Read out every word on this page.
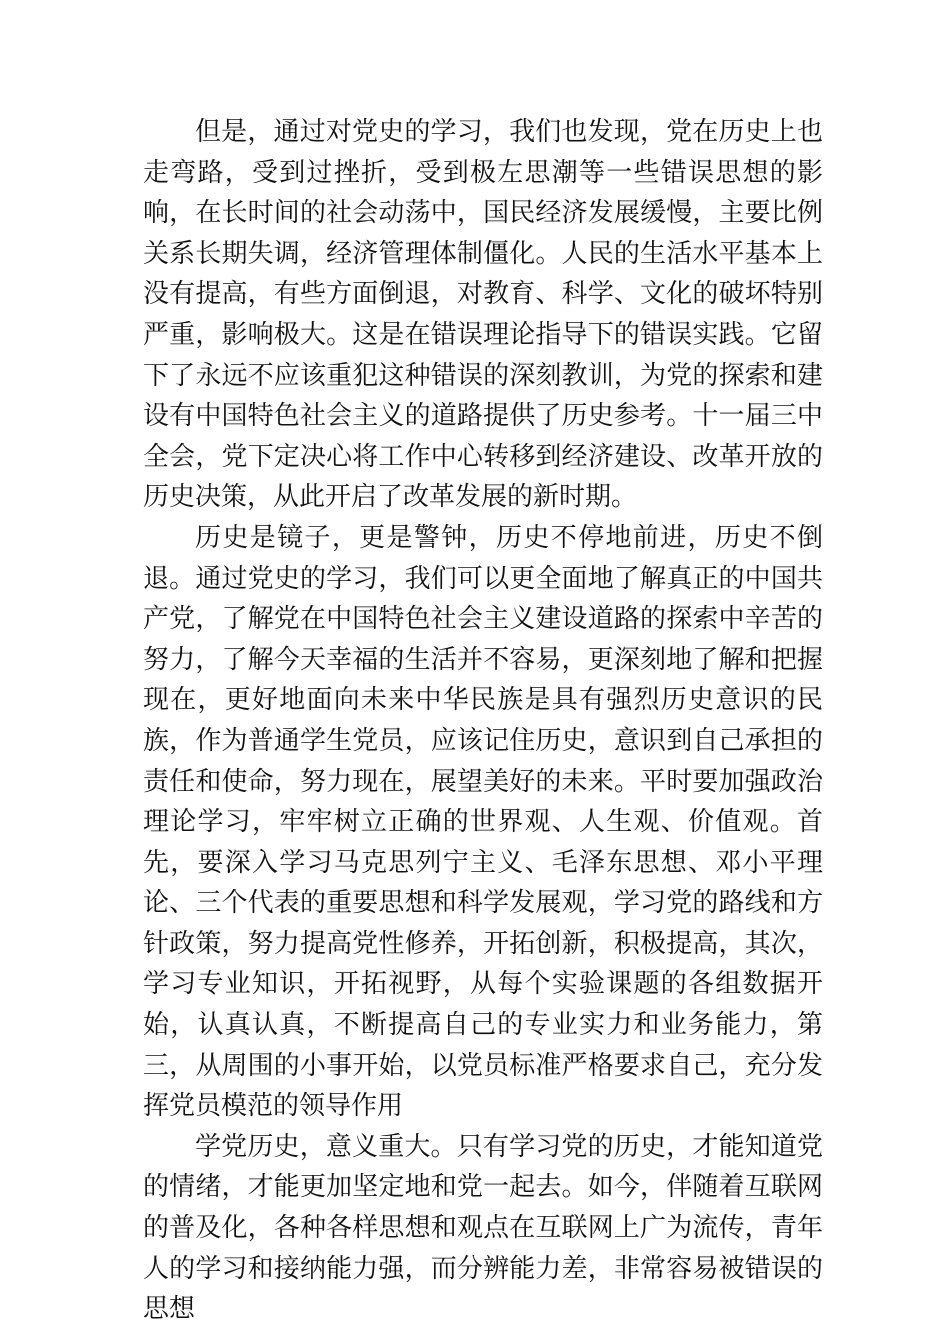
但是，通过对党史的学习，我们也发现，党在历史上也走弯路，受到过挫折，受到极左思潮等一些错误思想的影响，在长时间的社会动荡中，国民经济发展缓慢，主要比例关系长期失调，经济管理体制僵化。人民的生活水平基本上没有提高，有些方面倒退，对教育、科学、文化的破坏特别严重，影响极大。这是在错误理论指导下的错误实践。它留下了永远不应该重犯这种错误的深刻教训，为党的探索和建设有中国特色社会主义的道路提供了历史参考。十一届三中全会，党下定决心将工作中心转移到经济建设、改革开放的历史决策，从此开启了改革发展的新时期。

历史是镜子，更是警钟，历史不停地前进，历史不倒退。通过党史的学习，我们可以更全面地了解真正的中国共产党，了解党在中国特色社会主义建设道路的探索中辛苦的努力，了解今天幸福的生活并不容易，更深刻地了解和把握现在，更好地面向未来中华民族是具有强烈历史意识的民族，作为普通学生党员，应该记住历史，意识到自己承担的责任和使命，努力现在，展望美好的未来。平时要加强政治理论学习，牢牢树立正确的世界观、人生观、价值观。首先，要深入学习马克思列宁主义、毛泽东思想、邓小平理论、三个代表的重要思想和科学发展观，学习党的路线和方针政策，努力提高党性修养，开拓创新，积极提高，其次，学习专业知识，开拓视野，从每个实验课题的各组数据开始，认真认真，不断提高自己的专业实力和业务能力，第三，从周围的小事开始，以党员标准严格要求自己，充分发挥党员模范的领导作用

学党历史，意义重大。只有学习党的历史，才能知道党的情绪，才能更加坚定地和党一起去。如今，伴随着互联网的普及化，各种各样思想和观点在互联网上广为流传，青年人的学习和接纳能力强，而分辨能力差，非常容易被错误的思想
